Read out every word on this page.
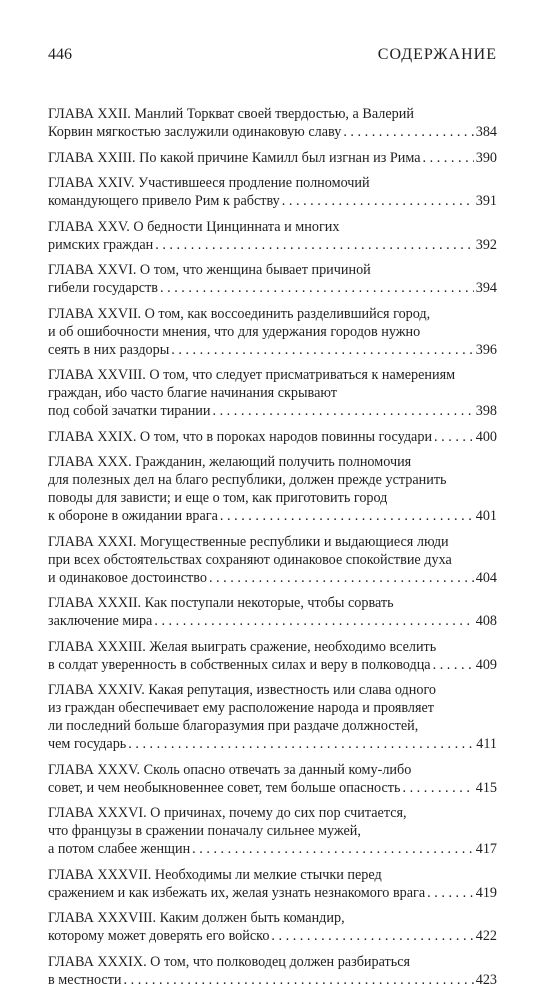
446	СОДЕРЖАНИЕ
ГЛАВА XXII. Манлий Торкват своей твердостью, а Валерий
Корвин мягкостью заслужили одинаковую славу . . .	384
ГЛАВА XXIII. По какой причине Камилл был изгнан из Рима . . .	390
ГЛАВА XXIV. Участившееся продление полномочий
командующего привело Рим к рабству . . .	391
ГЛАВА XXV. О бедности Цинцинната и многих
римских граждан . . .	392
ГЛАВА XXVI. О том, что женщина бывает причиной
гибели государств . . .	394
ГЛАВА XXVII. О том, как воссоединить разделившийся город,
и об ошибочности мнения, что для удержания городов нужно
сеять в них раздоры . . .	396
ГЛАВА XXVIII. О том, что следует присматриваться к намерениям
граждан, ибо часто благие начинания скрывают
под собой зачатки тирании . . .	398
ГЛАВА XXIX. О том, что в пороках народов повинны государи . . .	400
ГЛАВА XXX. Гражданин, желающий получить полномочия
для полезных дел на благо республики, должен прежде устранить
поводы для зависти; и еще о том, как приготовить город
к обороне в ожидании врага . . .	401
ГЛАВА XXXI. Могущественные республики и выдающиеся люди
при всех обстоятельствах сохраняют одинаковое спокойствие духа
и одинаковое достоинство . . .	404
ГЛАВА XXXII. Как поступали некоторые, чтобы сорвать
заключение мира . . .	408
ГЛАВА XXXIII. Желая выиграть сражение, необходимо вселить
в солдат уверенность в собственных силах и веру в полководца . . .	409
ГЛАВА XXXIV. Какая репутация, известность или слава одного
из граждан обеспечивает ему расположение народа и проявляет
ли последний больше благоразумия при раздаче должностей,
чем государь . . .	411
ГЛАВА XXXV. Сколь опасно отвечать за данный кому-либо
совет, и чем необыкновеннее совет, тем больше опасность . . .	415
ГЛАВА XXXVI. О причинах, почему до сих пор считается,
что французы в сражении поначалу сильнее мужей,
а потом слабее женщин . . .	417
ГЛАВА XXXVII. Необходимы ли мелкие стычки перед
сражением и как избежать их, желая узнать незнакомого врага . . .	419
ГЛАВА XXXVIII. Каким должен быть командир,
которому может доверять его войско . . .	422
ГЛАВА XXXIX. О том, что полководец должен разбираться
в местности . . .	423
